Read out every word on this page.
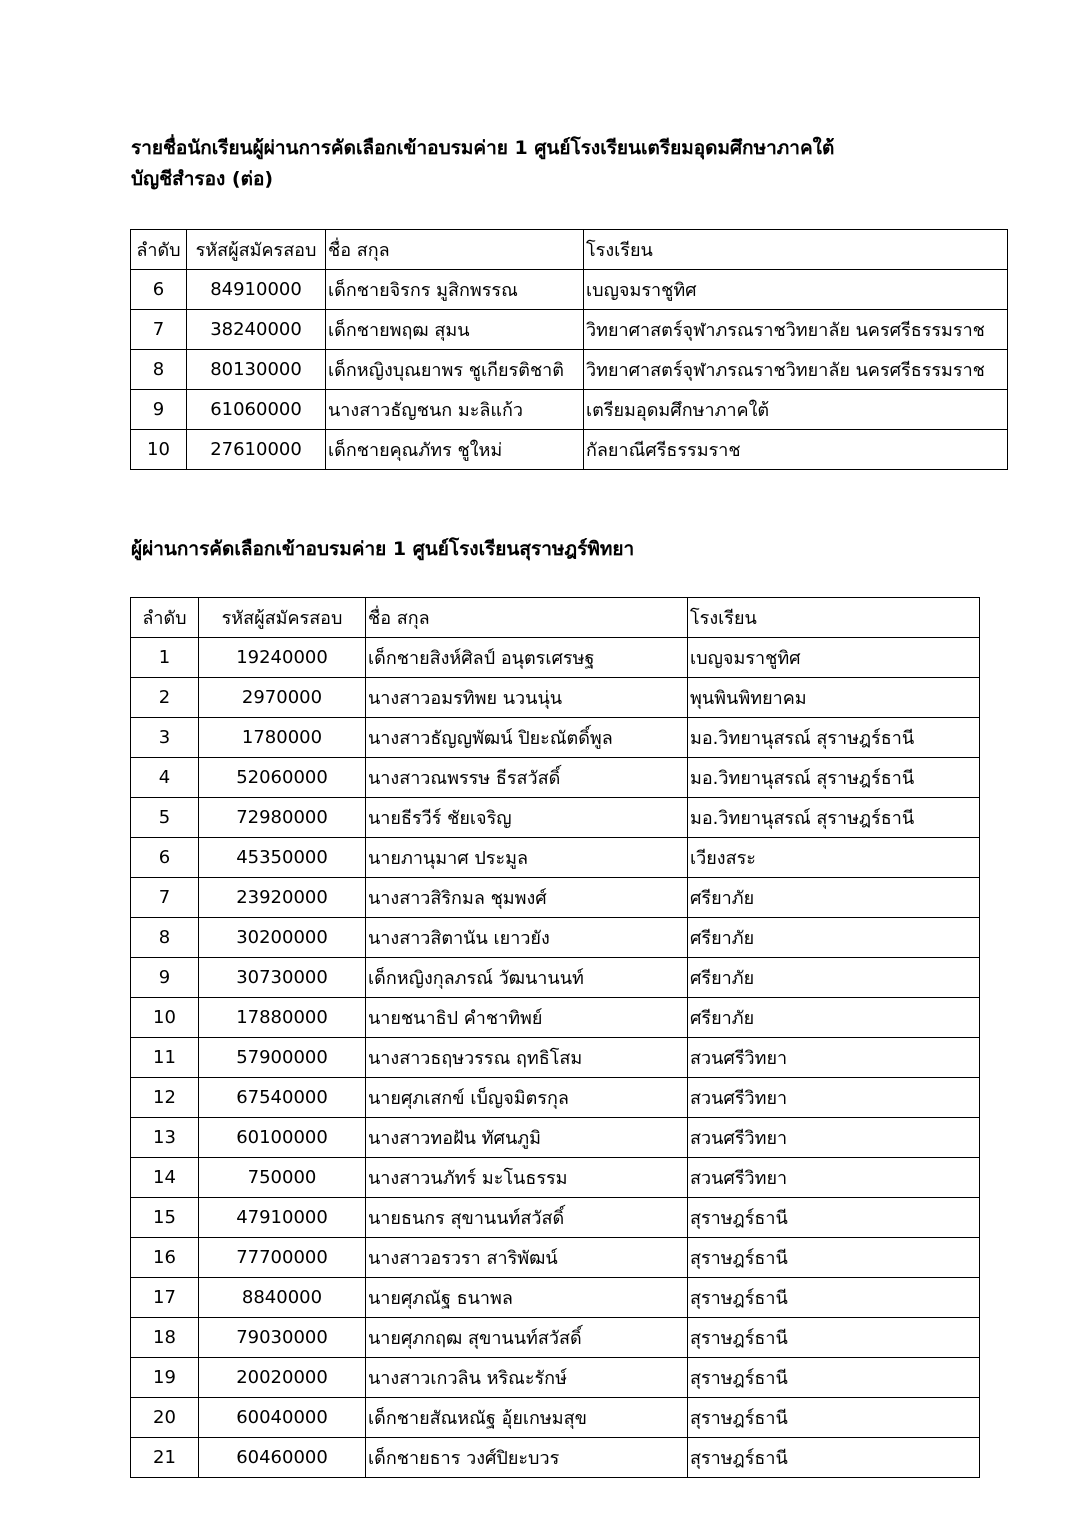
รายชื่อนักเรียนผู้ผ่านการคัดเลือกเข้าอบรมค่าย 1 ศูนย์โรงเรียนเตรียมอุดมศึกษาภาคใต้
บัญชีสำรอง (ต่อ)
ลำดับ	รหัสผู้สมัครสอบ	ชื่อ สกุล	โรงเรียน
6	84910000	เด็กชายจิรกร มูสิกพรรณ	เบญจมราชูทิศ
7	38240000	เด็กชายพฤฒ สุมน	วิทยาศาสตร์จุฬาภรณราชวิทยาลัย นครศรีธรรมราช
8	80130000	เด็กหญิงบุณยาพร ชูเกียรติชาติ	วิทยาศาสตร์จุฬาภรณราชวิทยาลัย นครศรีธรรมราช
9	61060000	นางสาวธัญชนก มะลิแก้ว	เตรียมอุดมศึกษาภาคใต้
10	27610000	เด็กชายคุณภัทร ชูใหม่	กัลยาณีศรีธรรมราช
ผู้ผ่านการคัดเลือกเข้าอบรมค่าย 1 ศูนย์โรงเรียนสุราษฎร์พิทยา
ลำดับ	รหัสผู้สมัครสอบ	ชื่อ สกุล	โรงเรียน
1	19240000	เด็กชายสิงห์ศิลป์ อนุตรเศรษฐ	เบญจมราชูทิศ
2	2970000	นางสาวอมรทิพย นวนนุ่น	พุนพินพิทยาคม
3	1780000	นางสาวธัญญพัฒน์ ปิยะณัตดิ์พูล	มอ.วิทยานุสรณ์ สุราษฎร์ธานี
4	52060000	นางสาวณพรรษ ธีรสวัสดิ์	มอ.วิทยานุสรณ์ สุราษฎร์ธานี
5	72980000	นายธีรวีร์ ชัยเจริญ	มอ.วิทยานุสรณ์ สุราษฎร์ธานี
6	45350000	นายภานุมาศ ประมูล	เวียงสระ
7	23920000	นางสาวสิริกมล ชุมพงศ์	ศรียาภัย
8	30200000	นางสาวสิตานัน เยาวยัง	ศรียาภัย
9	30730000	เด็กหญิงกุลภรณ์ วัฒนานนท์	ศรียาภัย
10	17880000	นายชนาธิป คำชาทิพย์	ศรียาภัย
11	57900000	นางสาวธฤษวรรณ ฤทธิโสม	สวนศรีวิทยา
12	67540000	นายศุภเสกข์ เบ็ญจมิตรกุล	สวนศรีวิทยา
13	60100000	นางสาวทอฝัน ทัศนภูมิ	สวนศรีวิทยา
14	750000	นางสาวนภัทร์ มะโนธรรม	สวนศรีวิทยา
15	47910000	นายธนกร สุขานนท์สวัสดิ์	สุราษฎร์ธานี
16	77700000	นางสาวอรวรา สาริพัฒน์	สุราษฎร์ธานี
17	8840000	นายศุภณัฐ ธนาพล	สุราษฎร์ธานี
18	79030000	นายศุภกฤฒ สุขานนท์สวัสดิ์	สุราษฎร์ธานี
19	20020000	นางสาวเกวลิน หริณะรักษ์	สุราษฎร์ธานี
20	60040000	เด็กชายสัณหณัฐ อุ้ยเกษมสุข	สุราษฎร์ธานี
21	60460000	เด็กชายธาร วงศ์ปิยะบวร	สุราษฎร์ธานี
